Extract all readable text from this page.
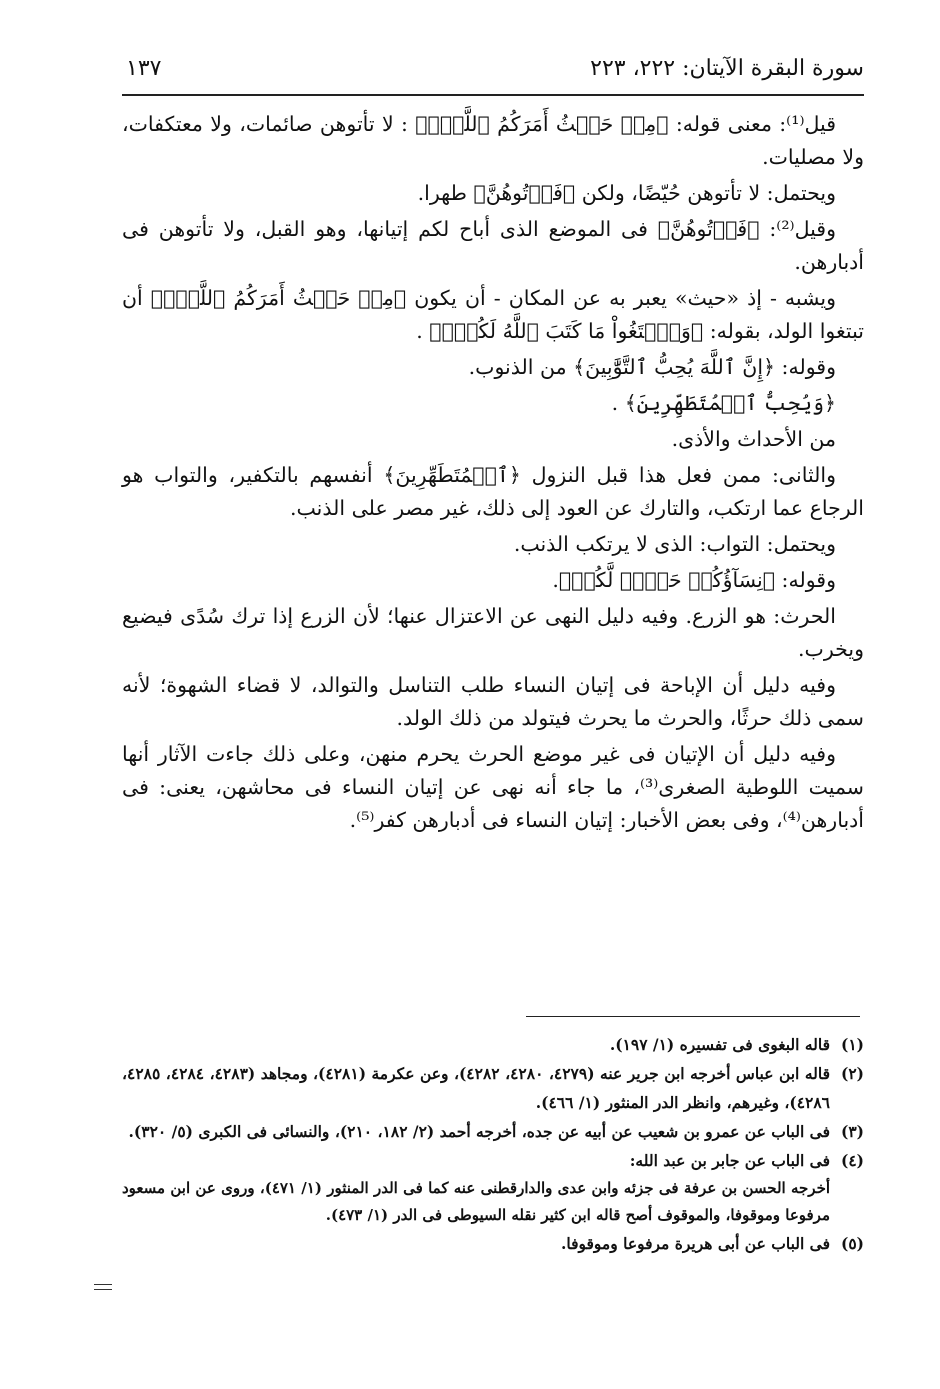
سورة البقرة الآيتان: ٢٢٢، ٢٢٣
١٣٧

قيل⁽¹⁾: معنى قوله: ﴿مِنۡ حَيۡثُ أَمَرَكُمُ ٱللَّهُۚ﴾ : لا تأتوهن صائمات، ولا معتكفات، ولا مصليات.

ويحتمل: لا تأتوهن حُيّضًا، ولكن ﴿فَأۡتُوهُنَّ﴾ طهرا.

وقيل⁽²⁾: ﴿فَأۡتُوهُنَّ﴾ فى الموضع الذى أباح لكم إتيانها، وهو القبل، ولا تأتوهن فى أدبارهن.

ويشبه - إذ «حيث» يعبر به عن المكان - أن يكون ﴿مِنۡ حَيۡثُ أَمَرَكُمُ ٱللَّهُۚ﴾ أن تبتغوا الولد، بقوله: ﴿وَٱبۡتَغُواْ مَا كَتَبَ ٱللَّهُ لَكُمۡۚ﴾ .

وقوله: ﴿إِنَّ ٱللَّهَ يُحِبُّ ٱلتَّوَّٰبِينَ﴾ من الذنوب.

﴿وَيُحِبُّ ٱلۡمُتَطَهِّرِينَ﴾ .

من الأحداث والأذى.

والثانى: ممن فعل هذا قبل النزول ﴿ٱلۡمُتَطَهِّرِينَ﴾ أنفسهم بالتكفير، والتواب هو الرجاع عما ارتكب، والتارك عن العود إلى ذلك، غير مصر على الذنب.

ويحتمل: التواب: الذى لا يرتكب الذنب.

وقوله: ﴿نِسَآؤُكُمۡ حَرۡثٞ لَّكُمۡ﴾.

الحرث: هو الزرع. وفيه دليل النهى عن الاعتزال عنها؛ لأن الزرع إذا ترك سُدًى فيضيع ويخرب.

وفيه دليل أن الإباحة فى إتيان النساء طلب التناسل والتوالد، لا قضاء الشهوة؛ لأنه سمى ذلك حرثًا، والحرث ما يحرث فيتولد من ذلك الولد.

وفيه دليل أن الإتيان فى غير موضع الحرث يحرم منهن، وعلى ذلك جاءت الآثار أنها سميت اللوطية الصغرى⁽³⁾، ما جاء أنه نهى عن إتيان النساء فى محاشهن، يعنى: فى أدبارهن⁽⁴⁾، وفى بعض الأخبار: إتيان النساء فى أدبارهن كفر⁽⁵⁾.

(١)
قاله البغوى فى تفسيره (١/ ١٩٧).
(٢)
قاله ابن عباس أخرجه ابن جرير عنه (٤٢٧٩، ٤٢٨٠، ٤٢٨٢)، وعن عكرمة (٤٢٨١)، ومجاهد (٤٢٨٣، ٤٢٨٤، ٤٢٨٥، ٤٢٨٦)، وغيرهم، وانظر الدر المنثور (١/ ٤٦٦).
(٣)
فى الباب عن عمرو بن شعيب عن أبيه عن جده، أخرجه أحمد (٢/ ١٨٢، ٢١٠)، والنسائى فى الكبرى (٥/ ٣٢٠).
(٤)
فى الباب عن جابر بن عبد الله:
أخرجه الحسن بن عرفة فى جزئه وابن عدى والدارقطنى عنه كما فى الدر المنثور (١/ ٤٧١)، وروى عن ابن مسعود مرفوعا وموقوفا، والموقوف أصح قاله ابن كثير نقله السيوطى فى الدر (١/ ٤٧٣).
(٥)
فى الباب عن أبى هريرة مرفوعا وموقوفا.
